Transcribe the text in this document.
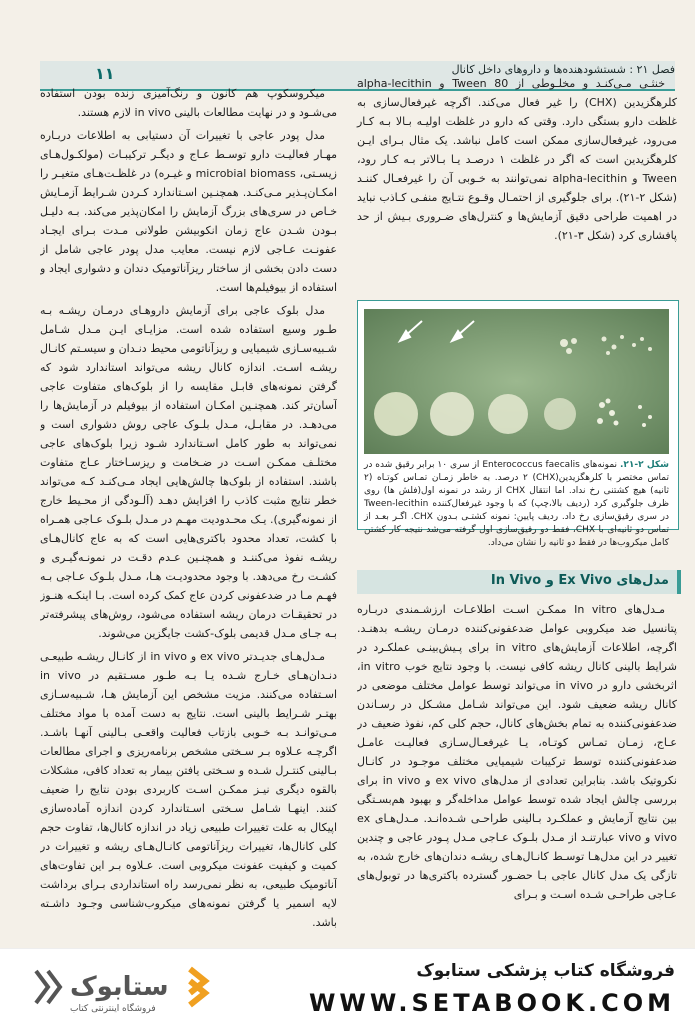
۱۱	فصل ۲۱ : شستشودهنده‌ها و داروهای داخل کانال

خنثـی مـی‌کنـد و مخلـوطی از 80 Tween و alpha-lecithin کلرهگزیدین (CHX) را غیر فعال می‌کند. اگرچه غیرفعال‌سازی به غلظت دارو بستگی دارد. وقتی که دارو در غلظت اولیـه بـالا بـه کـار می‌رود، غیرفعال‌سازی ممکن است کامل نباشد. یک مثال بـرای ایـن کلرهگزیدین است که اگر در غلظت ۱ درصـد یـا بـالاتر بـه کـار رود، Tween و alpha-lecithin نمی‌توانند به خـوبی آن را غیرفعـال کننـد (شکل ۲-۲۱). برای جلوگیری از احتمـال وقـوع نتـایج منفـی کـاذب نباید در اهمیت طراحی دقیق آزمایش‌ها و کنترل‌های ضـروری بـیش از حد پافشاری کرد (شکل ۳-۲۱).

شکل ۲-۲۱. نمونه‌های Enterococcus faecalis از سری ۱۰ برابر رقیق شده در تماس مختصر با کلرهگزیدین(CHX) ۲ درصد. به خاطر زمـان تمـاس کوتـاه (۲ ثانیه) هیچ کشتنی رخ نداد. اما انتقال CHX از رشد در نمونه اول(فلش ها) روی ظرف جلوگیری کرد (ردیف بالا،چپ) که با وجود غیرفعال‌کننده Tween-lecithin در سری رقیق‌سازی رخ داد. ردیف پایین: نمونه کشتـی بـدون CHX. اگـر بعـد از تماس دو ثانیه‌ای با CHX، فقط دو رقیق‌سازی اول گرفته می‌شد نتیجه کار کشتن کامل میکروب‌ها در فقط دو ثانیه را نشان می‌داد.
مدل‌های Ex Vivo و In Vivo

مـدل‌های In vitro ممکـن اسـت اطلاعـات ارزشـمندی دربـاره پتانسیل ضد میکروبی عوامل ضدعفونی‌کننده درمـان ریشـه بدهنـد. اگرچه، اطلاعات آزمایش‌های in vitro برای پـیش‌بینـی عملکـرد در شرایط بالینی کانال ریشه کافی نیست. با وجود نتایج خوب in vitro، اثربخشی دارو در in vivo می‌تواند توسط عوامل مختلف موضعی در کانال ریشه ضعیف شود. این می‌تواند شـامل مشـکل در رسـاندن ضدعفونی‌کننده به تمام بخش‌های کانال، حجم کلی کم، نفوذ ضعیف در عـاج، زمـان تمـاس کوتـاه، یـا غیرفعـال‌سـازی فعالیـت عامـل ضدعفونی‌کننده توسط ترکیبات شیمیایی مختلف موجـود در کانـال نکروتیک باشد. بنابراین تعدادی از مدل‌های ex vivo و in vivo برای بررسی چالش ایجاد شده توسط عوامل مداخله‌گر و بهبود هم‌بسـتگی بین نتایج آزمایش و عملکـرد بـالینی طراحـی شـده‌انـد. مـدل‌هـای ex vivo و vivo عبارتنـد از مـدل بلـوک عـاجی مـدل پـودر عاجی و چندین تغییر در این مدل‌هـا توسـط کانـال‌هـای ریشـه دندان‌های خارج شده، به تازگی یک مدل کانال عاجی بـا حضـور گسترده باکتری‌ها در توبول‌های عـاجی طراحـی شـده اسـت و بـرای

میکروسکوپ هم کانون و رنگ‌آمیزی زنده بودن استفاده می‌شـود و در نهایت مطالعات بالینی in vivo لازم هستند.

مدل پودر عاجی با تغییرات آن دستیابی به اطلاعات دربـاره مهـار فعالیـت دارو توسـط عـاج و دیگـر ترکیبـات (مولکـول‌هـای زیسـتی، microbial biomass و غیـره) در غلظـت‌هـای متغیـر را امکـان‌پـذیر مـی‌کنـد. همچنـین اسـتاندارد کـردن شـرایط آزمـایش خـاص در سری‌های بزرگ آزمایش را امکان‌پذیر می‌کند. بـه دلیـل بـودن شـدن عاج زمان انکوبیشن طولانی مـدت بـرای ایجـاد عفونـت عـاجی لازم نیست. معایب مدل پودر عاجی شامل از دست دادن بخشی از ساختار ریزآناتومیک دندان و دشواری ایجاد و استفاده از بیوفیلم‌ها است.

مدل بلوک عاجی برای آزمایش داروهـای درمـان ریشـه بـه طـور وسیع استفاده شده است. مزایـای ایـن مـدل شـامل شـبیه‌سـازی شیمیایی و ریزآناتومی محیط دنـدان و سیسـتم کانـال ریشـه اسـت. اندازه کانال ریشه می‌تواند استاندارد شود که گرفتن نمونه‌های قابـل مقایسه را از بلوک‌های متفاوت عاجی آسان‌تر کند. همچنـین امکـان استفاده از بیوفیلم در آزمایش‌ها را می‌دهـد. در مقابـل، مـدل بلـوک عاجی روش دشواری است و نمی‌تواند به طور کامل اسـتاندارد شـود زیرا بلوک‌های عاجی مختلـف ممکـن اسـت در ضـخامت و ریزسـاختار عـاج متفاوت باشند. استفاده از بلوک‌ها چالش‌هایی ایجاد مـی‌کنـد کـه می‌تواند خطر نتایج مثبت کاذب را افزایش دهـد (آلـودگی از محـیط خارج از نمونه‌گیری). یـک محـدودیت مهـم در مـدل بلـوک عـاجی همـراه با کشت، تعداد محدود باکتری‌هایی است که به عاج کانال‌هـای ریشـه نفوذ می‌کننـد و همچنـین عـدم دقـت در نمونـه‌گیـری و کشـت رخ می‌دهد. با وجود محدودیـت هـا، مـدل بلـوک عـاجی بـه فهـم مـا در ضدعفونی کردن عاج کمک کرده است. بـا اینکـه هنـوز در تحقیقـات درمان ریشه استفاده می‌شود، روش‌های پیشرفته‌تر بـه جـای مـدل قدیمی بلوک-کشت جایگزین می‌شوند.

مـدل‌هـای جدیـدتر ex vivo و in vivo از کانـال ریشـه طبیعـی دنـدان‌هـای خـارج شـده یـا بـه طـور مسـتقیم در in vivo اسـتفاده می‌کنند. مزیت مشخص این آزمایش هـا، شـبیه‌سـازی بهتـر شـرایط بالینی است. نتایج به دست آمده با مواد مختلف مـی‌توانـد بـه خـوبی بازتاب فعالیت واقعـی بـالینی آنهـا باشـد. اگرچـه عـلاوه بـر سـختی مشخص برنامه‌ریزی و اجرای مطالعات بـالینی کنتـرل شـده و سـختی یافتن بیمار به تعداد کافی، مشکلات بالقوه دیگری نیـز ممکـن اسـت کاربردی بودن نتایج را ضعیف کنند. اینهـا شـامل سـختی اسـتاندارد کردن اندازه آماده‌سازی اپیکال به علت تغییرات طبیعی زیاد در اندازه کانال‌ها، تفاوت حجم کلی کانال‌ها، تغییرات ریزآناتومی کانـال‌هـای ریشه و تغییرات در کمیت و کیفیت عفونت میکروبی است. عـلاوه بـر این تفاوت‌های آناتومیک طبیعی، به نظر نمی‌رسد راه استانداردی بـرای برداشت لایه اسمیر یا گرفتن نمونه‌های میکروب‌شناسی وجـود داشـته باشد.

ستابوک
فروشگاه اینترنتی کتاب
فروشگاه کتاب پزشکی ستابوک
WWW.SETABOOK.COM
